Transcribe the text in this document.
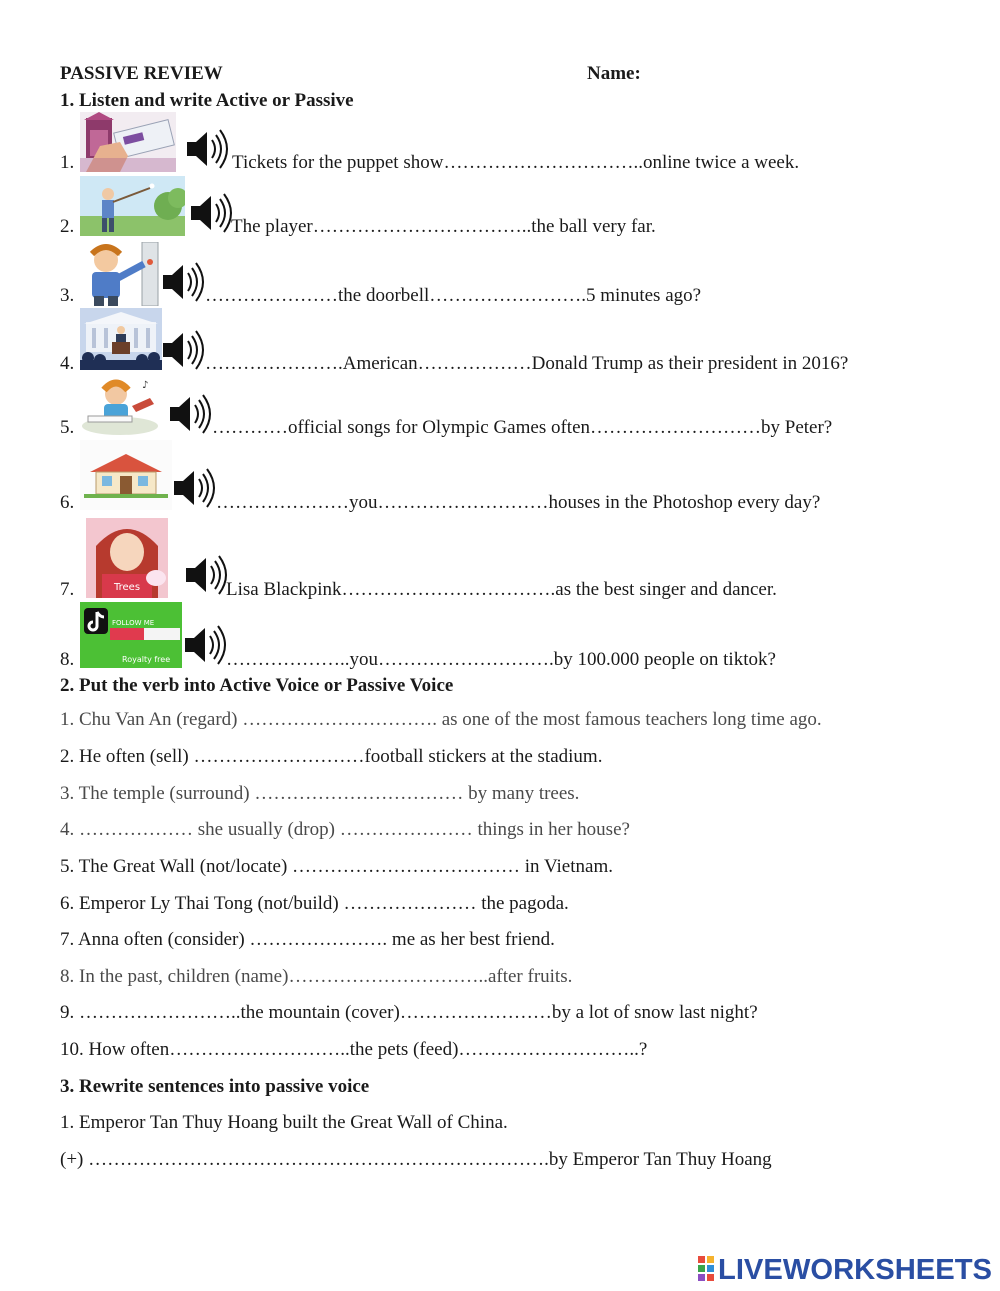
PASSIVE REVIEW	Name:
1. Listen and write Active or Passive
1.	Tickets for the puppet show…………………………..online twice a week.
2.	The player……………………………..the ball very far.
3.	…………………the doorbell…………………….5 minutes ago?
4.	………………….American………………Donald Trump as their president in 2016?
♪
5.	…………official songs for Olympic Games often………………………by Peter?
6.	…………………you………………………houses in the Photoshop every day?
Trees
7.	Lisa Blackpink…………………………….as the best singer and dancer.
FOLLOW ME
Royalty free
8.	………………..you……………………….by 100.000 people on tiktok?
2. Put the verb into Active Voice or Passive Voice
1. Chu Van An (regard) …………………………. as one of the most famous teachers long time ago.
2. He often (sell) ………………………football stickers at the stadium.
3. The temple (surround) …………………………… by many trees.
4. ……………… she usually (drop) ………………… things in her house?
5. The Great Wall (not/locate) ……………………………… in Vietnam.
6. Emperor Ly Thai Tong (not/build) ………………… the pagoda.
7. Anna often (consider) …………………. me as her best friend.
8. In the past, children (name)…………………………..after fruits.
9. ……………………..the mountain (cover)……………………by a lot of snow last night?
10. How often………………………..the pets (feed)………………………..?
3. Rewrite sentences into passive voice
1. Emperor Tan Thuy Hoang built the Great Wall of China.
(+) ……………………………………………………………….by Emperor Tan Thuy Hoang
LIVEWORKSHEETS
